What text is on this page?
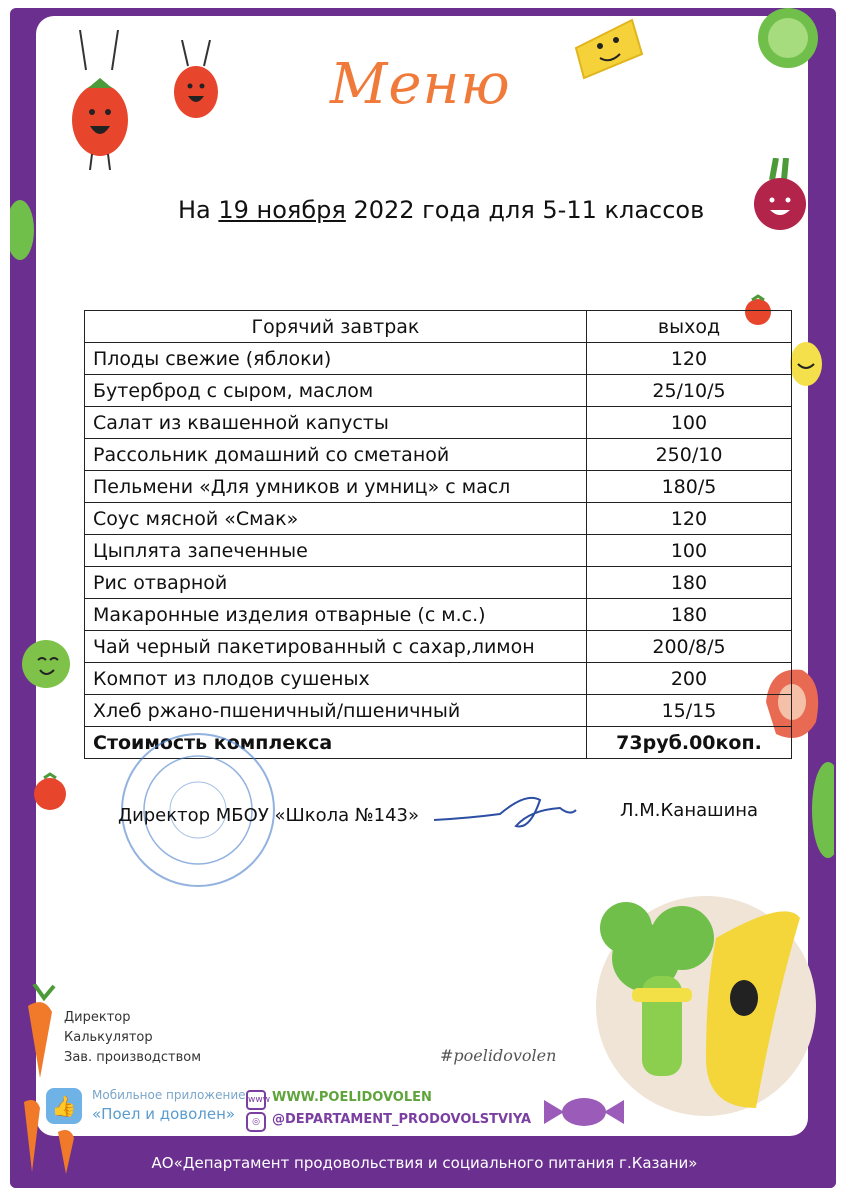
Меню
На 19 ноября 2022 года для 5-11 классов
Горячий завтрак	выход
Плоды свежие (яблоки)	120
Бутерброд с сыром, маслом	25/10/5
Салат из квашенной капусты	100
Рассольник домашний со сметаной	250/10
Пельмени «Для умников и умниц» с масл	180/5
Соус мясной «Смак»	120
Цыплята запеченные	100
Рис отварной	180
Макаронные изделия отварные (с м.с.)	180
Чай черный пакетированный с сахар,лимон	200/8/5
Компот из плодов сушеных	200
Хлеб ржано-пшеничный/пшеничный	15/15
Стоимость комплекса	73руб.00коп.
Директор МБОУ «Школа №143»	Л.М.Канашина
Директор
Калькулятор
Зав. производством	#poelidovolen
👍	Мобильное приложение
«Поел и доволен»
www
◎
WWW.POELIDOVOLEN
@DEPARTAMENT_PRODOVOLSTVIYA
АО«Департамент продовольствия и социального питания г.Казани»
